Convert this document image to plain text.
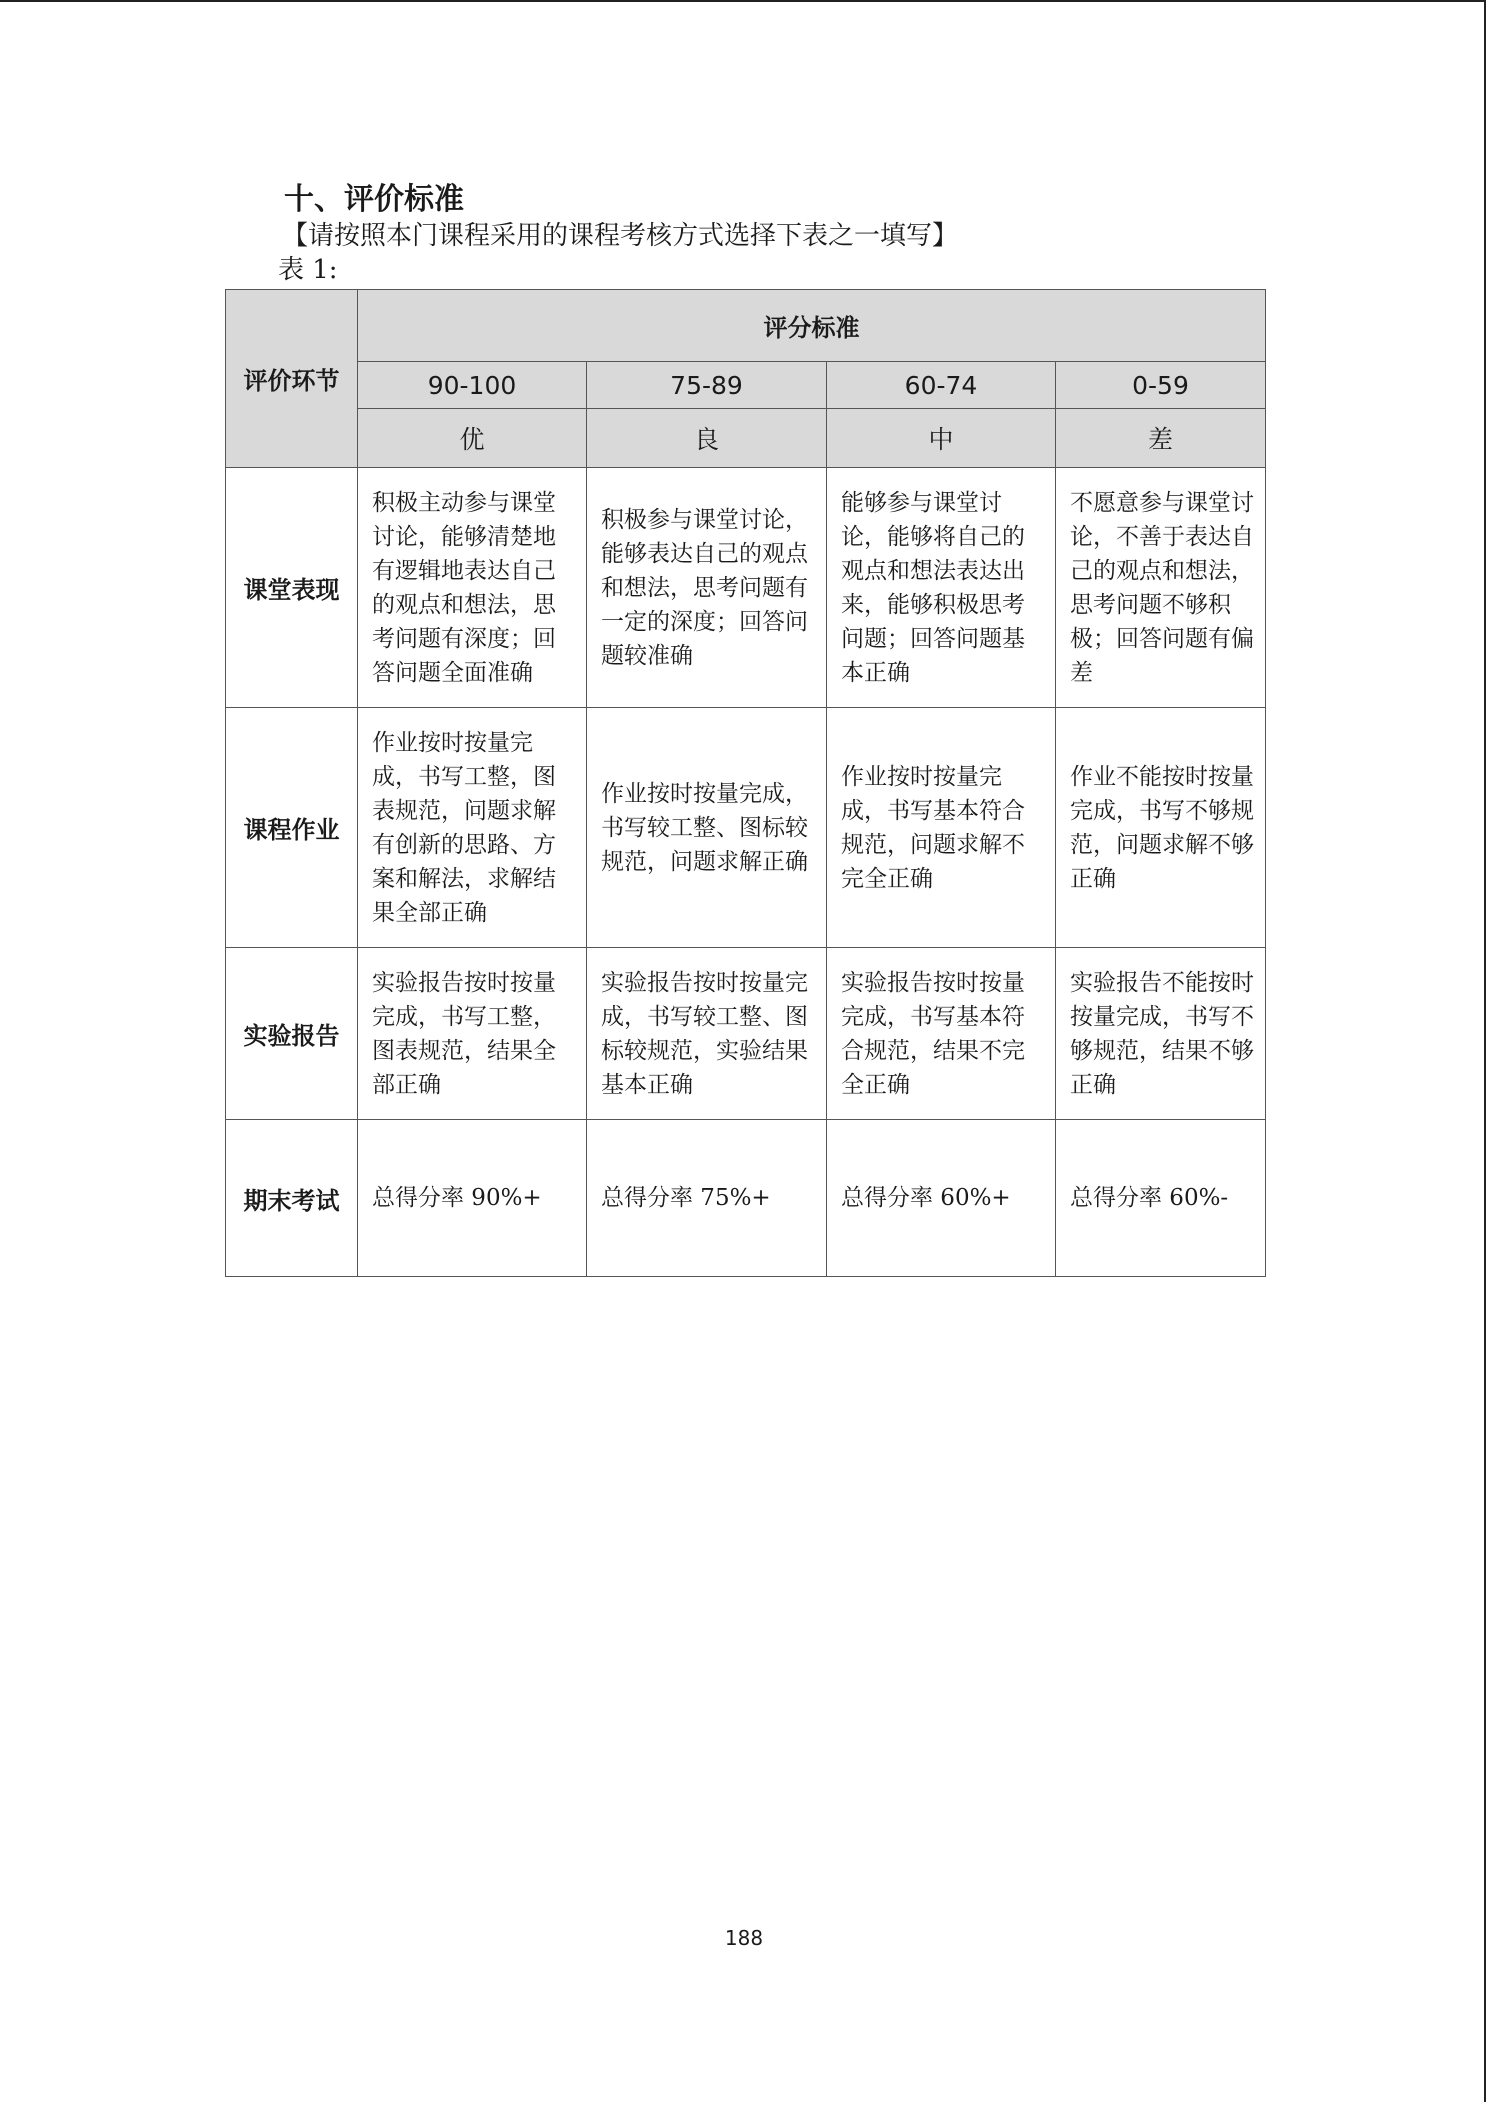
十、评价标准

【请按照本门课程采用的课程考核方式选择下表之一填写】

表 1:

评价环节	评分标准			
	90-100	75-89	60-74	0-59
	优	良	中	差
课堂表现	积极主动参与课堂讨论，能够清楚地有逻辑地表达自己的观点和想法，思考问题有深度；回答问题全面准确	积极参与课堂讨论，能够表达自己的观点和想法，思考问题有一定的深度；回答问题较准确	能够参与课堂讨论，能够将自己的观点和想法表达出来，能够积极思考问题；回答问题基本正确	不愿意参与课堂讨论，不善于表达自己的观点和想法，思考问题不够积极；回答问题有偏差
课程作业	作业按时按量完成，书写工整，图表规范，问题求解有创新的思路、方案和解法，求解结果全部正确	作业按时按量完成，书写较工整、图标较规范，问题求解正确	作业按时按量完成，书写基本符合规范，问题求解不完全正确	作业不能按时按量完成，书写不够规范，问题求解不够正确
实验报告	实验报告按时按量完成，书写工整，图表规范，结果全部正确	实验报告按时按量完成，书写较工整、图标较规范，实验结果基本正确	实验报告按时按量完成，书写基本符合规范，结果不完全正确	实验报告不能按时按量完成，书写不够规范，结果不够正确
期末考试	总得分率 90%+	总得分率 75%+	总得分率 60%+	总得分率 60%-
188
